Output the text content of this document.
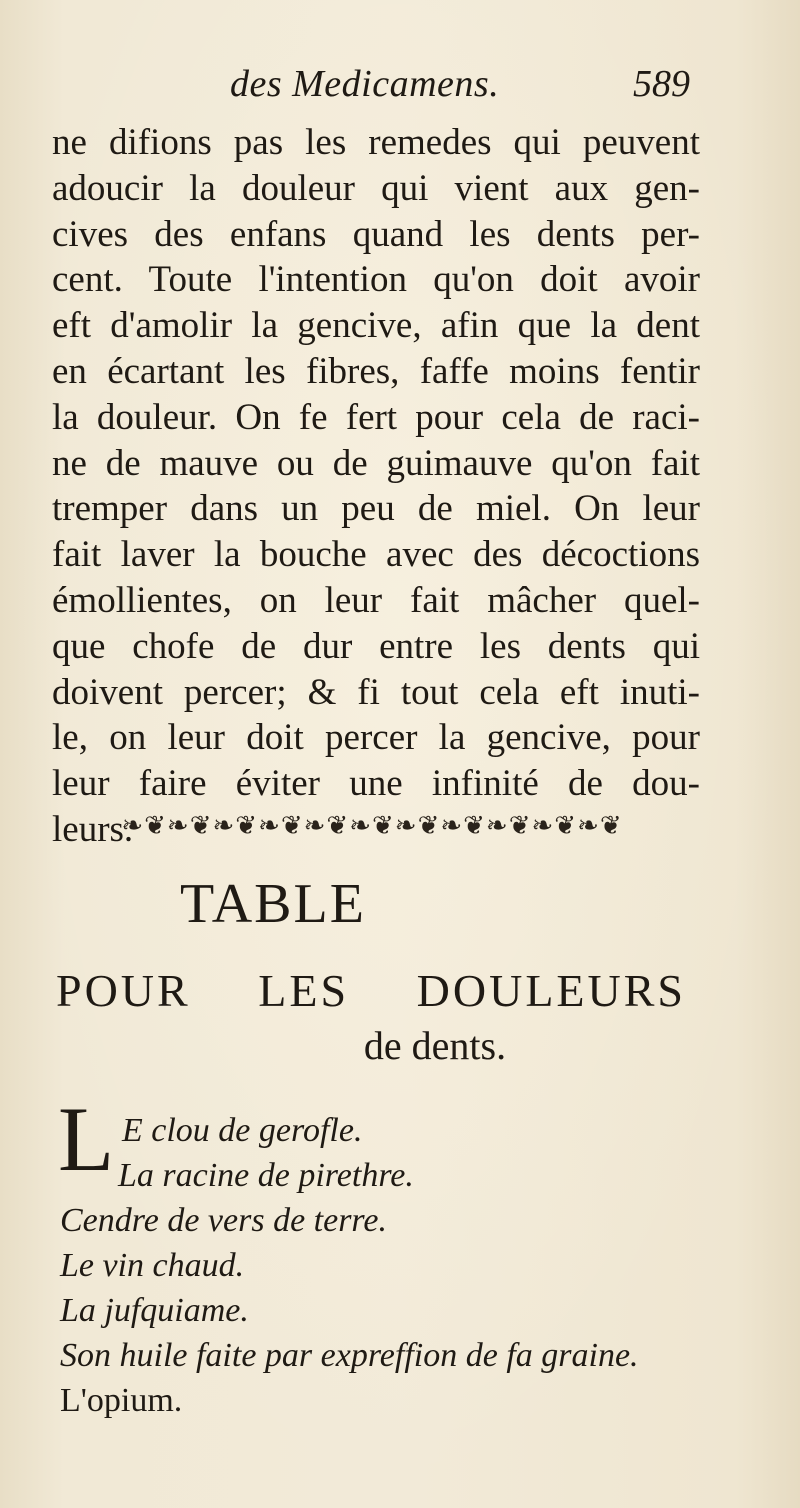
des Medicamens.	589
ne difions pas les remedes qui peuvent
adoucir la douleur qui vient aux gen-
cives des enfans quand les dents per-
cent. Toute l'intention qu'on doit avoir
eft d'amolir la gencive, afin que la dent
en écartant les fibres, faffe moins fentir
la douleur. On fe fert pour cela de raci-
ne de mauve ou de guimauve qu'on fait
tremper dans un peu de miel. On leur
fait laver la bouche avec des décoctions
émollientes, on leur fait mâcher quel-
que chofe de dur entre les dents qui
doivent percer; & fi tout cela eft inuti-
le, on leur doit percer la gencive, pour
leur faire éviter une infinité de dou-
leurs.
❧❦❧❦❧❦❧❦❧❦❧❦❧❦❧❦❧❦❧❦❧❦
TABLE
POUR LES DOULEURS
de dents.
L E clou de gerofle.
La racine de pirethre.
Cendre de vers de terre.
Le vin chaud.
La jufquiame.
Son huile faite par expreffion de fa graine.
L'opium.
